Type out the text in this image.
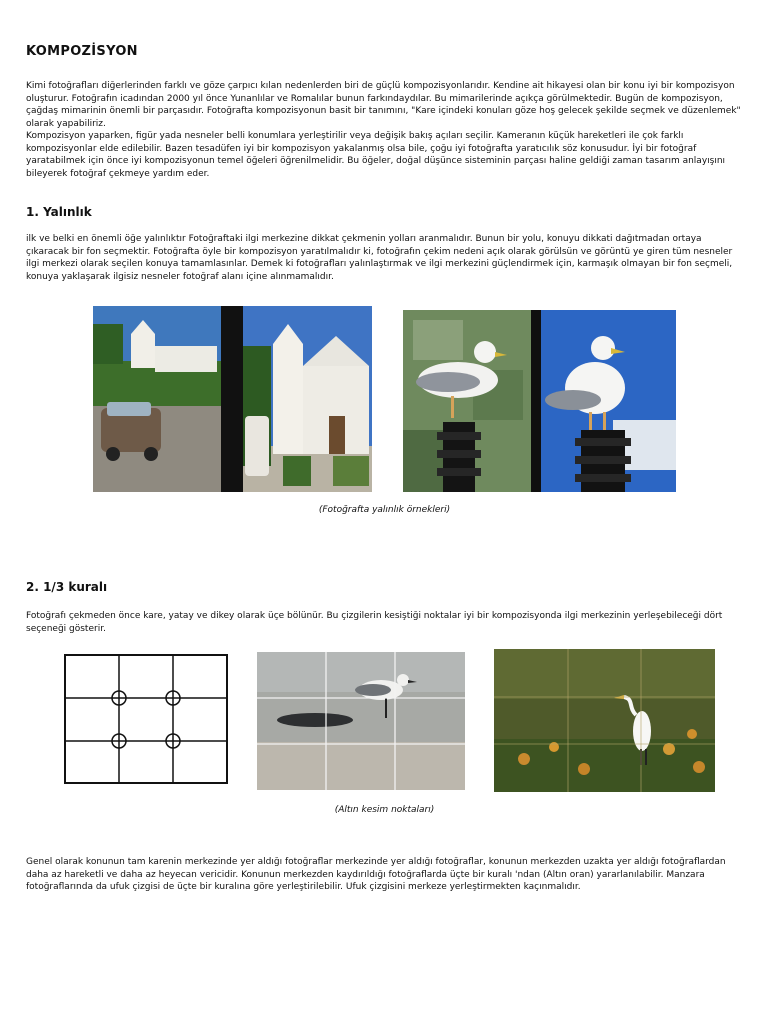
KOMPOZİSYON

Kimi fotoğrafları diğerlerinden farklı ve göze çarpıcı kılan nedenlerden biri de güçlü kompozisyonlarıdır. Kendine ait hikayesi olan bir konu iyi bir kompozisyon oluşturur. Fotoğrafın icadından 2000 yıl önce Yunanlılar ve Romalılar bunun farkındaydılar. Bu mimarilerinde açıkça görülmektedir. Bugün de kompozisyon, çağdaş mimarinin önemli bir parçasıdır. Fotoğrafta kompozisyonun basit bir tanımını, "Kare içindeki konuları göze hoş gelecek şekilde seçmek ve düzenlemek" olarak yapabiliriz.

Kompozisyon yaparken, figür yada nesneler belli konumlara yerleştirilir veya değişik bakış açıları seçilir. Kameranın küçük hareketleri ile çok farklı kompozisyonlar elde edilebilir. Bazen tesadüfen iyi bir kompozisyon yakalanmış olsa bile, çoğu iyi fotoğrafta yaratıcılık söz konusudur. İyi bir fotoğraf yaratabilmek için önce iyi kompozisyonun temel öğeleri öğrenilmelidir. Bu öğeler, doğal düşünce sisteminin parçası haline geldiği zaman tasarım anlayışını bileyerek fotoğraf çekmeye yardım eder.

1. Yalınlık

ilk ve belki en önemli öğe yalınlıktır Fotoğraftaki ilgi merkezine dikkat çekmenin yolları aranmalıdır. Bunun bir yolu, konuyu dikkati dağıtmadan ortaya çıkaracak bir fon seçmektir. Fotoğrafta öyle bir kompozisyon yaratılmalıdır ki, fotoğrafın çekim nedeni açık olarak görülsün ve görüntü ye giren tüm nesneler ilgi merkezi olarak seçilen konuya tamamlasınlar. Demek ki fotoğrafları yalınlaştırmak ve ilgi merkezini güçlendirmek için, karmaşık olmayan bir fon seçmeli, konuya yaklaşarak ilgisiz nesneler fotoğraf alanı içine alınmamalıdır.

(Fotoğrafta yalınlık örnekleri)
2. 1/3 kuralı

Fotoğrafı çekmeden önce kare, yatay ve dikey olarak üçe bölünür. Bu çizgilerin kesiştiği noktalar iyi bir kompozisyonda ilgi merkezinin yerleşebileceği dört seçeneği gösterir.

(Altın kesim noktaları)

Genel olarak konunun tam karenin merkezinde yer aldığı fotoğraflar merkezinde yer aldığı fotoğraflar, konunun merkezden uzakta yer aldığı fotoğraflardan daha az hareketli ve daha az heyecan vericidir. Konunun merkezden kaydırıldığı fotoğraflarda üçte bir kuralı 'ndan (Altın oran) yararlanılabilir. Manzara fotoğraflarında da ufuk çizgisi de üçte bir kuralına göre yerleştirilebilir. Ufuk çizgisini merkeze yerleştirmekten kaçınmalıdır.
